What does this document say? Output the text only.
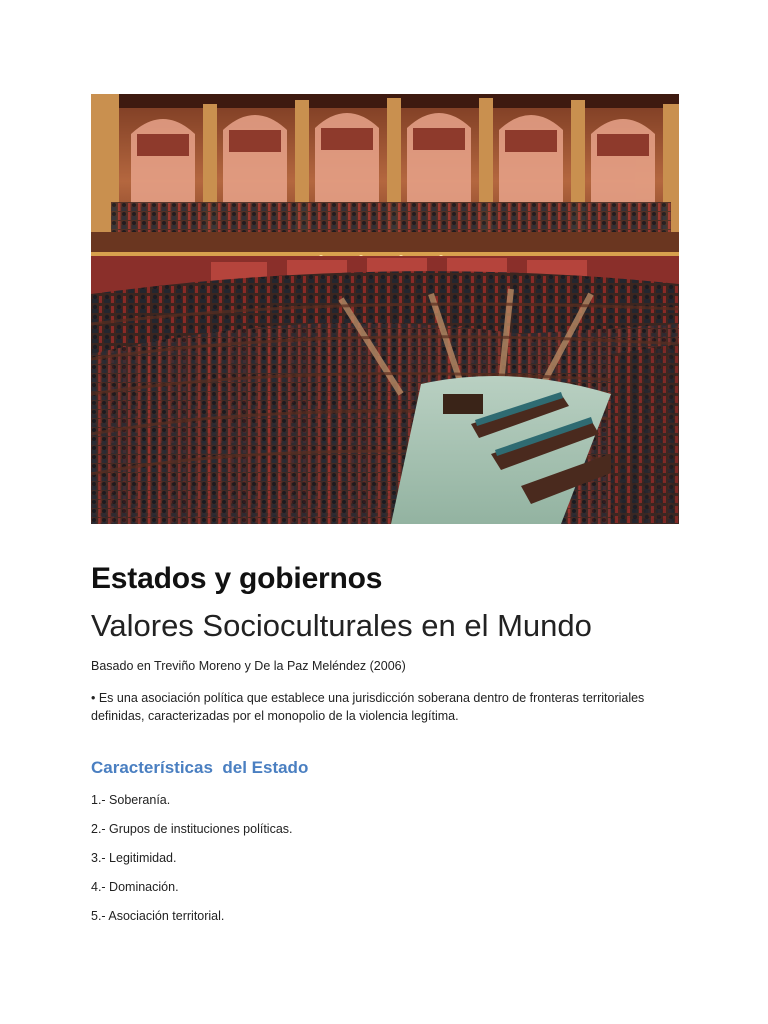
Estados y gobiernos
Valores Socioculturales en el Mundo

Basado en Treviño Moreno y De la Paz Meléndez (2006)

• Es una asociación política que establece una jurisdicción soberana dentro de fronteras territoriales definidas, caracterizadas por el monopolio de la violencia legítima.

Características  del Estado
1.- Soberanía.
2.- Grupos de instituciones políticas.
3.- Legitimidad.
4.- Dominación.
5.- Asociación territorial.
